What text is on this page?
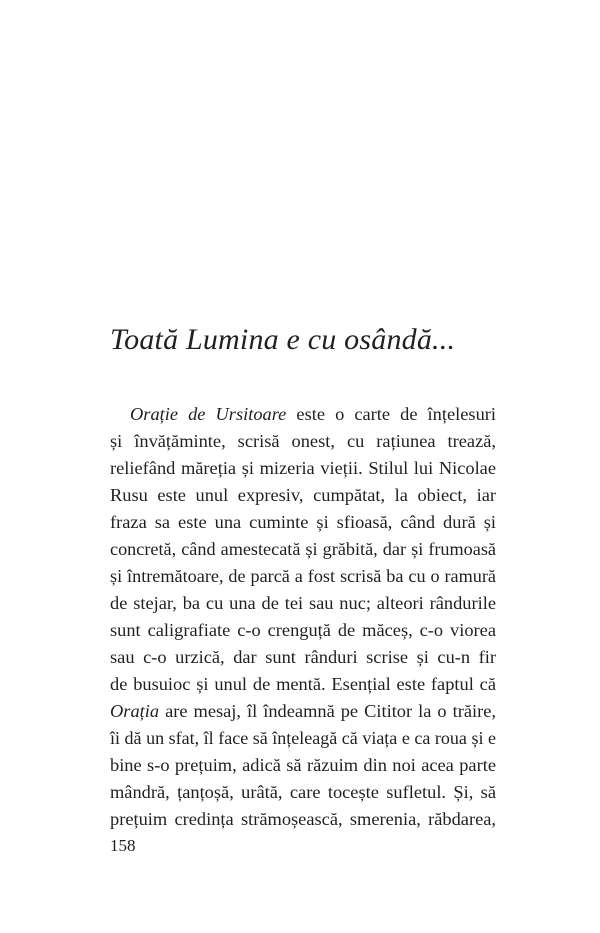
Toată Lumina e cu osândă...
Orație de Ursitoare este o carte de înțelesuri
și învățăminte, scrisă onest, cu rațiunea trează,
reliefând măreția și mizeria vieții. Stilul lui Nicolae
Rusu este unul expresiv, cumpătat, la obiect, iar
fraza sa este una cuminte și sfioasă, când dură și
concretă, când amestecată și grăbită, dar și frumoasă
și întremătoare, de parcă a fost scrisă ba cu o ramură
de stejar, ba cu una de tei sau nuc; alteori rândurile
sunt caligrafiate c-o crenguță de măceș, c-o viorea
sau c-o urzică, dar sunt rânduri scrise și cu-n fir
de busuioc și unul de mentă. Esențial este faptul că
Orația are mesaj, îl îndeamnă pe Cititor la o trăire,
îi dă un sfat, îl face să înțeleagă că viața e ca roua și e
bine s-o prețuim, adică să răzuim din noi acea parte
mândră, țanțoșă, urâtă, care tocește sufletul. Și, să
prețuim credința strămoșească, smerenia, răbdarea,
158
